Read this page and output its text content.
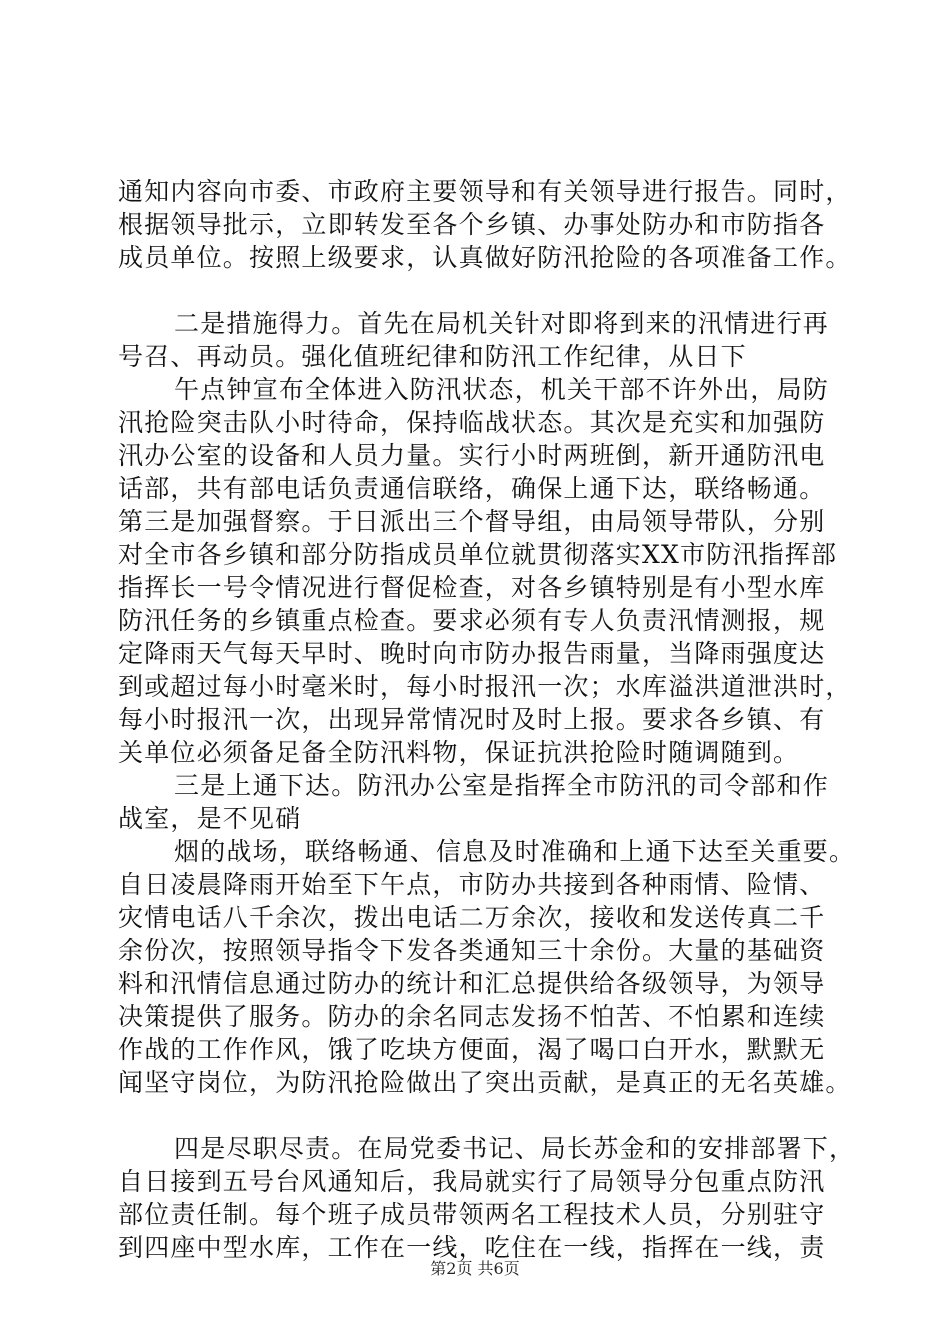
通知内容向市委、市政府主要领导和有关领导进行报告。同时，
根据领导批示，立即转发至各个乡镇、办事处防办和市防指各
成员单位。按照上级要求，认真做好防汛抢险的各项准备工作。
二是措施得力。首先在局机关针对即将到来的汛情进行再
号召、再动员。强化值班纪律和防汛工作纪律，从日下
午点钟宣布全体进入防汛状态，机关干部不许外出，局防
汛抢险突击队小时待命，保持临战状态。其次是充实和加强防
汛办公室的设备和人员力量。实行小时两班倒，新开通防汛电
话部，共有部电话负责通信联络，确保上通下达，联络畅通。
第三是加强督察。于日派出三个督导组，由局领导带队，分别
对全市各乡镇和部分防指成员单位就贯彻落实XX市防汛指挥部
指挥长一号令情况进行督促检查，对各乡镇特别是有小型水库
防汛任务的乡镇重点检查。要求必须有专人负责汛情测报，规
定降雨天气每天早时、晚时向市防办报告雨量，当降雨强度达
到或超过每小时毫米时，每小时报汛一次；水库溢洪道泄洪时，
每小时报汛一次，出现异常情况时及时上报。要求各乡镇、有
关单位必须备足备全防汛料物，保证抗洪抢险时随调随到。
三是上通下达。防汛办公室是指挥全市防汛的司令部和作
战室，是不见硝
烟的战场，联络畅通、信息及时准确和上通下达至关重要。
自日凌晨降雨开始至下午点，市防办共接到各种雨情、险情、
灾情电话八千余次，拨出电话二万余次，接收和发送传真二千
余份次，按照领导指令下发各类通知三十余份。大量的基础资
料和汛情信息通过防办的统计和汇总提供给各级领导，为领导
决策提供了服务。防办的余名同志发扬不怕苦、不怕累和连续
作战的工作作风，饿了吃块方便面，渴了喝口白开水，默默无
闻坚守岗位，为防汛抢险做出了突出贡献，是真正的无名英雄。
四是尽职尽责。在局党委书记、局长苏金和的安排部署下，
自日接到五号台风通知后，我局就实行了局领导分包重点防汛
部位责任制。每个班子成员带领两名工程技术人员，分别驻守
到四座中型水库，工作在一线，吃住在一线，指挥在一线，责
第2页 共6页
